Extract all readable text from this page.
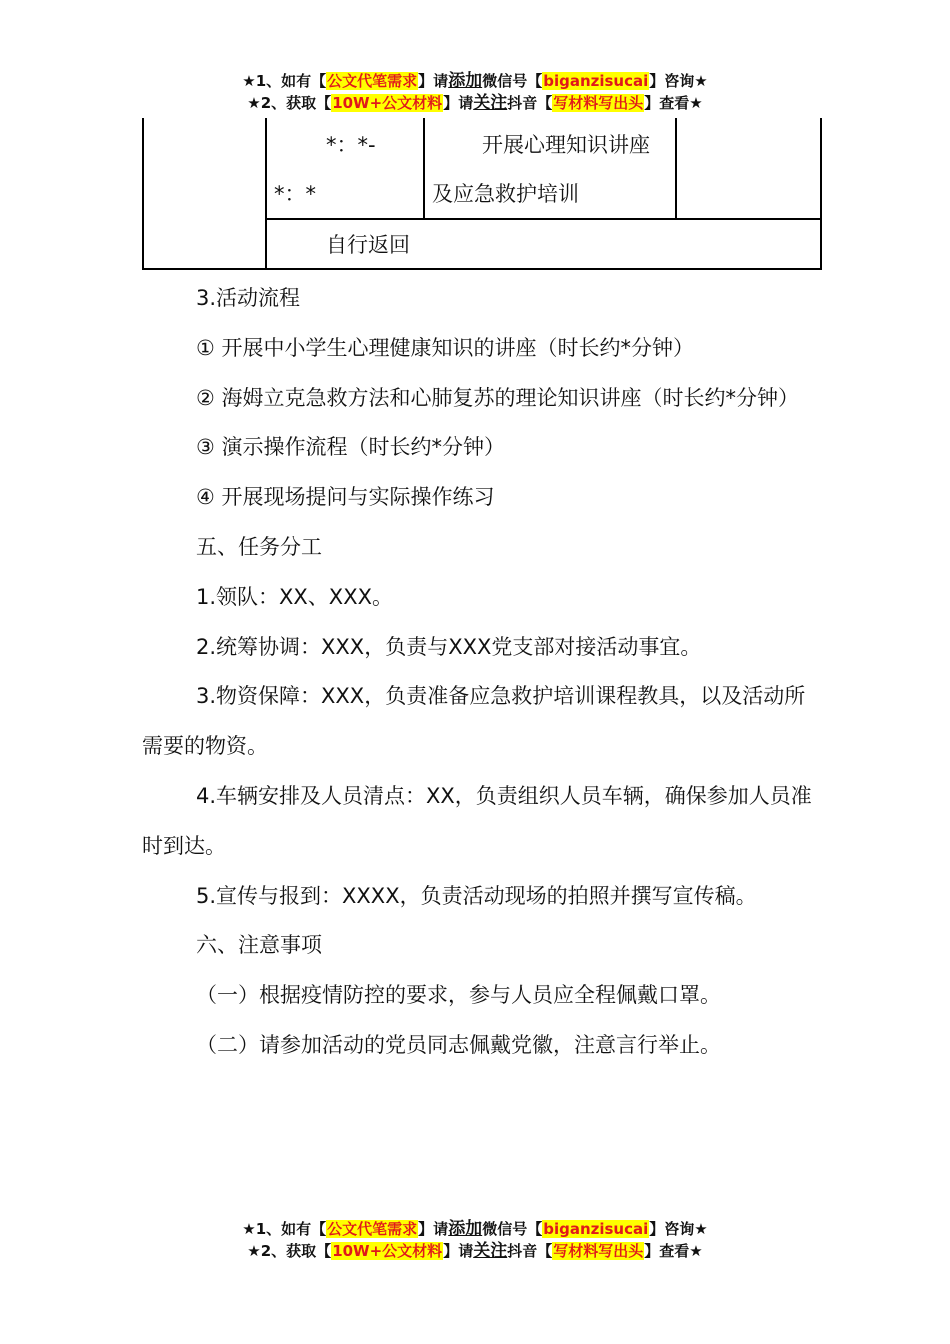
★1、如有【公文代笔需求】请添加微信号【biganzisucai】咨询★
★2、获取【10W+公文材料】请关注抖音【写材料写出头】查看★
*：*-
*：*
开展心理知识讲座
及应急救护培训
自行返回

3.活动流程

① 开展中小学生心理健康知识的讲座（时长约*分钟）

② 海姆立克急救方法和心肺复苏的理论知识讲座（时长约*分钟）

③ 演示操作流程（时长约*分钟）

④ 开展现场提问与实际操作练习

五、任务分工

1.领队：XX、XXX。

2.统筹协调：XXX，负责与XXX党支部对接活动事宜。

3.物资保障：XXX，负责准备应急救护培训课程教具，以及活动所需要的物资。

4.车辆安排及人员清点：XX，负责组织人员车辆，确保参加人员准时到达。

5.宣传与报到：XXXX，负责活动现场的拍照并撰写宣传稿。

六、注意事项

（一）根据疫情防控的要求，参与人员应全程佩戴口罩。

（二）请参加活动的党员同志佩戴党徽，注意言行举止。

★1、如有【公文代笔需求】请添加微信号【biganzisucai】咨询★
★2、获取【10W+公文材料】请关注抖音【写材料写出头】查看★
